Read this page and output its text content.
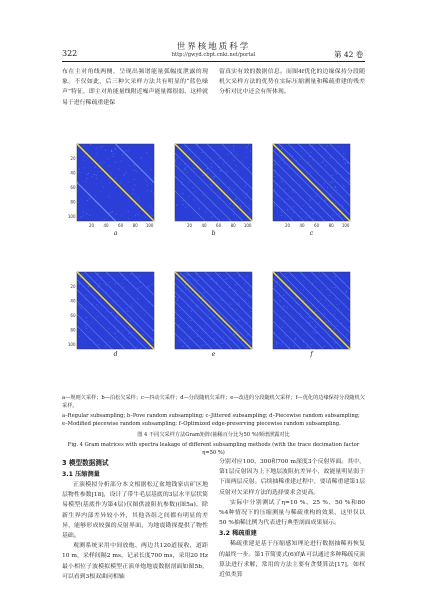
世界核地质科学
http://gwyd.cbpt.cnki.net/portal
322	第 42 卷

布在主对角线两侧，呈现出频谱能量弧幅度泄露的现象。不仅如此，后三种欠采样方法共有明显的“蓝色噪声”特征，即主对角能量线附近噪声能量都很弱，这样就易于进行稀疏重建保

留真实有效的数据信息。而图4f优化的边缘保持分段随机欠采样方法的优势在实际压缩测量和稀疏重建的残差分析对比中还会有所体现。

20
40
60
80
100
20 40 60 80 100
a
20 40 60 80 100
b
20 40 60 80 100
c
20
40
60
80
100
d	e	f
a—规则欠采样；b—泊松欠采样；c—抖动欠采样；d—分段随机欠采样；e—改进的分段随机欠采样；f—优化的边缘保持分段随机欠采样。
a–Regular subsampling; b–Pove random subsampling; c–Jittered subsampling; d–Piecewise random subsampling; e–Modified piecewise random subsampling; f–Optimized edge-preserving piecewise random subsampling.
图 4 不同欠采样方法Gram矩阵(抽稀百分比为50 %)频谱泄露对比
Fig. 4 Gram matrices with spectra leakage of different subsampling methods (with the trace decimation factor η=50 %)
3 模型数据测试
3.1 压缩测量

正演模拟分析部分本文根据松辽盆地钱家店矿区地层物性参数[18]，设计了带牛毛层基底的3层水平层状简易模型(基底作为第4层)仅图供波阻抗参数)(图5a)，除新生界内部差异较小外，其他各组之间都有明显的差异，能够形成较强的反射界面，为地震勘探提供了物性基础。

观测系统采用中间放炮、两边共120道接收，道距10 m，采样间隔2 ms，记录长度700 ms，采用20 Hz最小相位子波模拟模型正演单炮地震数据剖面如图5b，可以看到3根双曲同相轴

分别对应100、300和700 m深度3个反射界面。其中，第1层反射因为上下地层波阻抗差异小，故能量明显弱于下面两层反射。后续抽稀重建过程中，要请稀重建第1层反射对欠采样方法的选择要求会更高。

实际中分别测试了η=10 %、25 %、50 %和80 %4种情况下的压缩测量与稀疏重构的效果，这里仅以50 %抽稀比例为代表进行典型剖面成果展示。

3.2 稀疏重建

稀疏重建是基于压缩感知理论进行数据抽稀再恢复的最终一步。第1节简要式(6)的𝒍₁可以通过多种稀疏反演算法进行求解，常用的方法主要有贪婪算法[17]，如权近似类算
